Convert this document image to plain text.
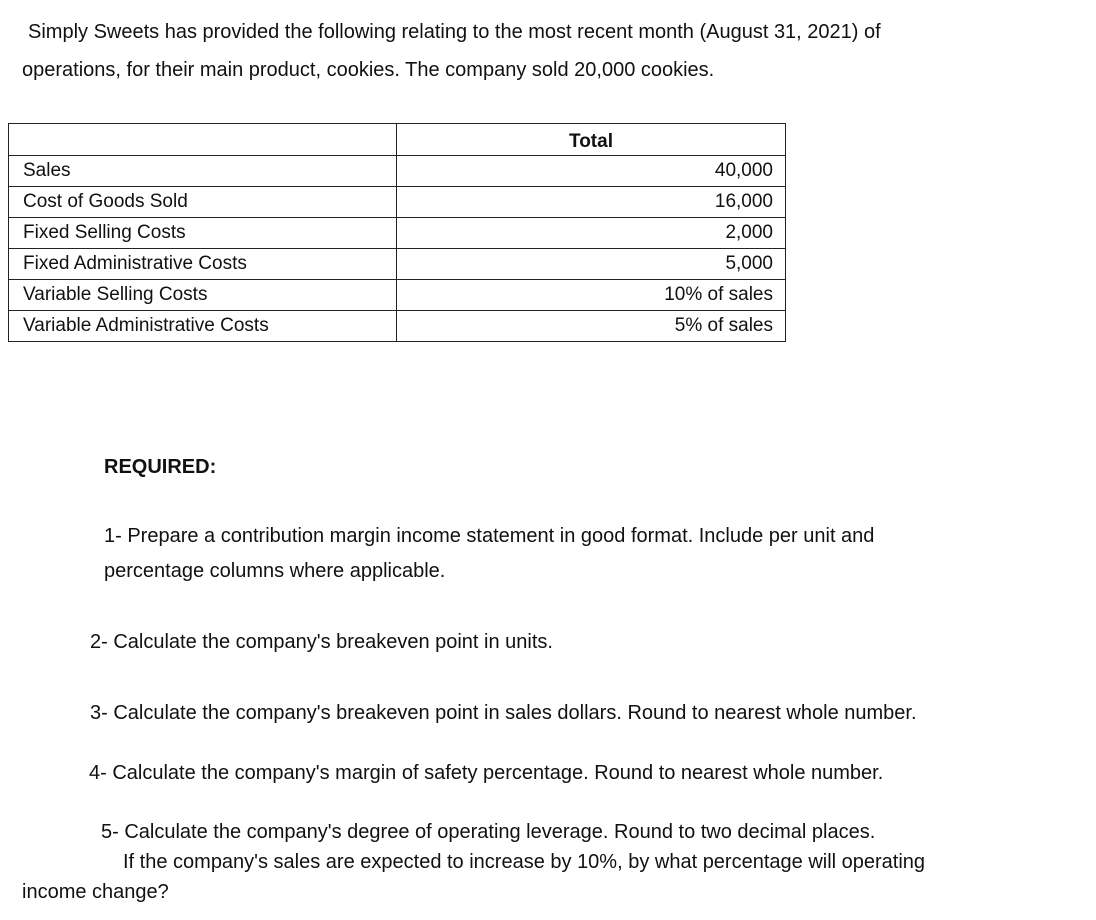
Simply Sweets has provided the following relating to the most recent month (August 31, 2021) of

operations, for their main product, cookies. The company sold 20,000 cookies.

	Total
Sales	40,000
Cost of Goods Sold	16,000
Fixed Selling Costs	2,000
Fixed Administrative Costs	5,000
Variable Selling Costs	10% of sales
Variable Administrative Costs	5% of sales

REQUIRED:

1- Prepare a contribution margin income statement in good format. Include per unit and

percentage columns where applicable.

2- Calculate the company's breakeven point in units.

3- Calculate the company's breakeven point in sales dollars. Round to nearest whole number.

4- Calculate the company's margin of safety percentage. Round to nearest whole number.

5- Calculate the company's degree of operating leverage. Round to two decimal places.

If the company's sales are expected to increase by 10%, by what percentage will operating

income change?
